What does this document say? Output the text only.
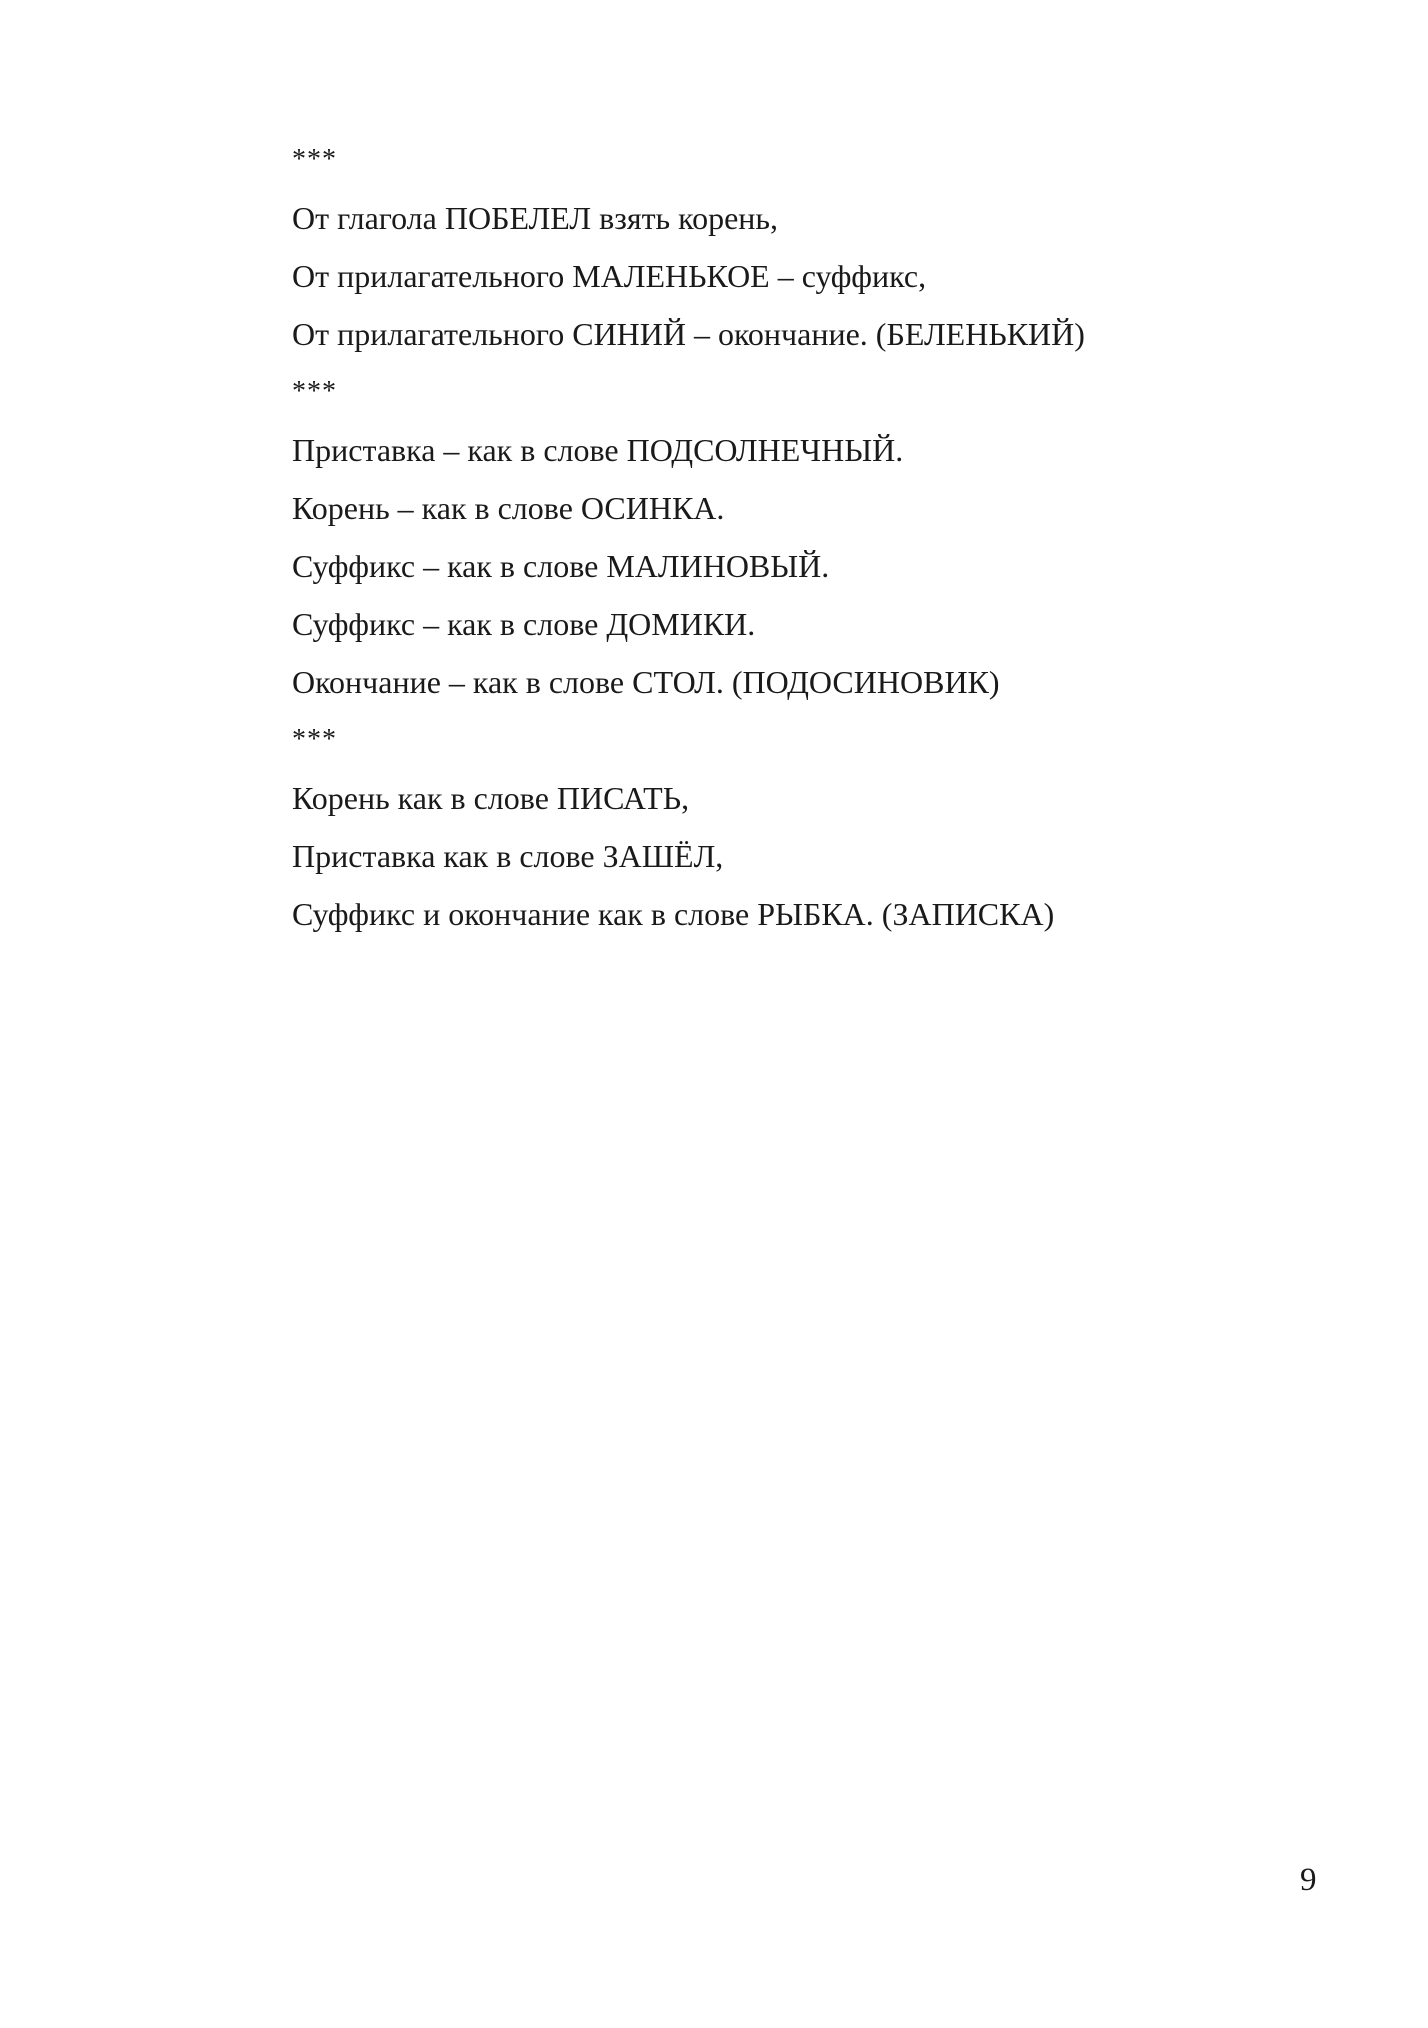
***
От глагола ПОБЕЛЕЛ взять корень,
От прилагательного МАЛЕНЬКОЕ – суффикс,
От прилагательного СИНИЙ – окончание. (БЕЛЕНЬКИЙ)
***
Приставка – как в слове ПОДСОЛНЕЧНЫЙ.
Корень – как в слове ОСИНКА.
Суффикс – как в слове МАЛИНОВЫЙ.
Суффикс – как в слове ДОМИКИ.
Окончание – как в слове СТОЛ. (ПОДОСИНОВИК)
***
Корень как в слове ПИСАТЬ,
Приставка как в слове ЗАШЁЛ,
Суффикс и окончание как в слове РЫБКА. (ЗАПИСКА)
9
